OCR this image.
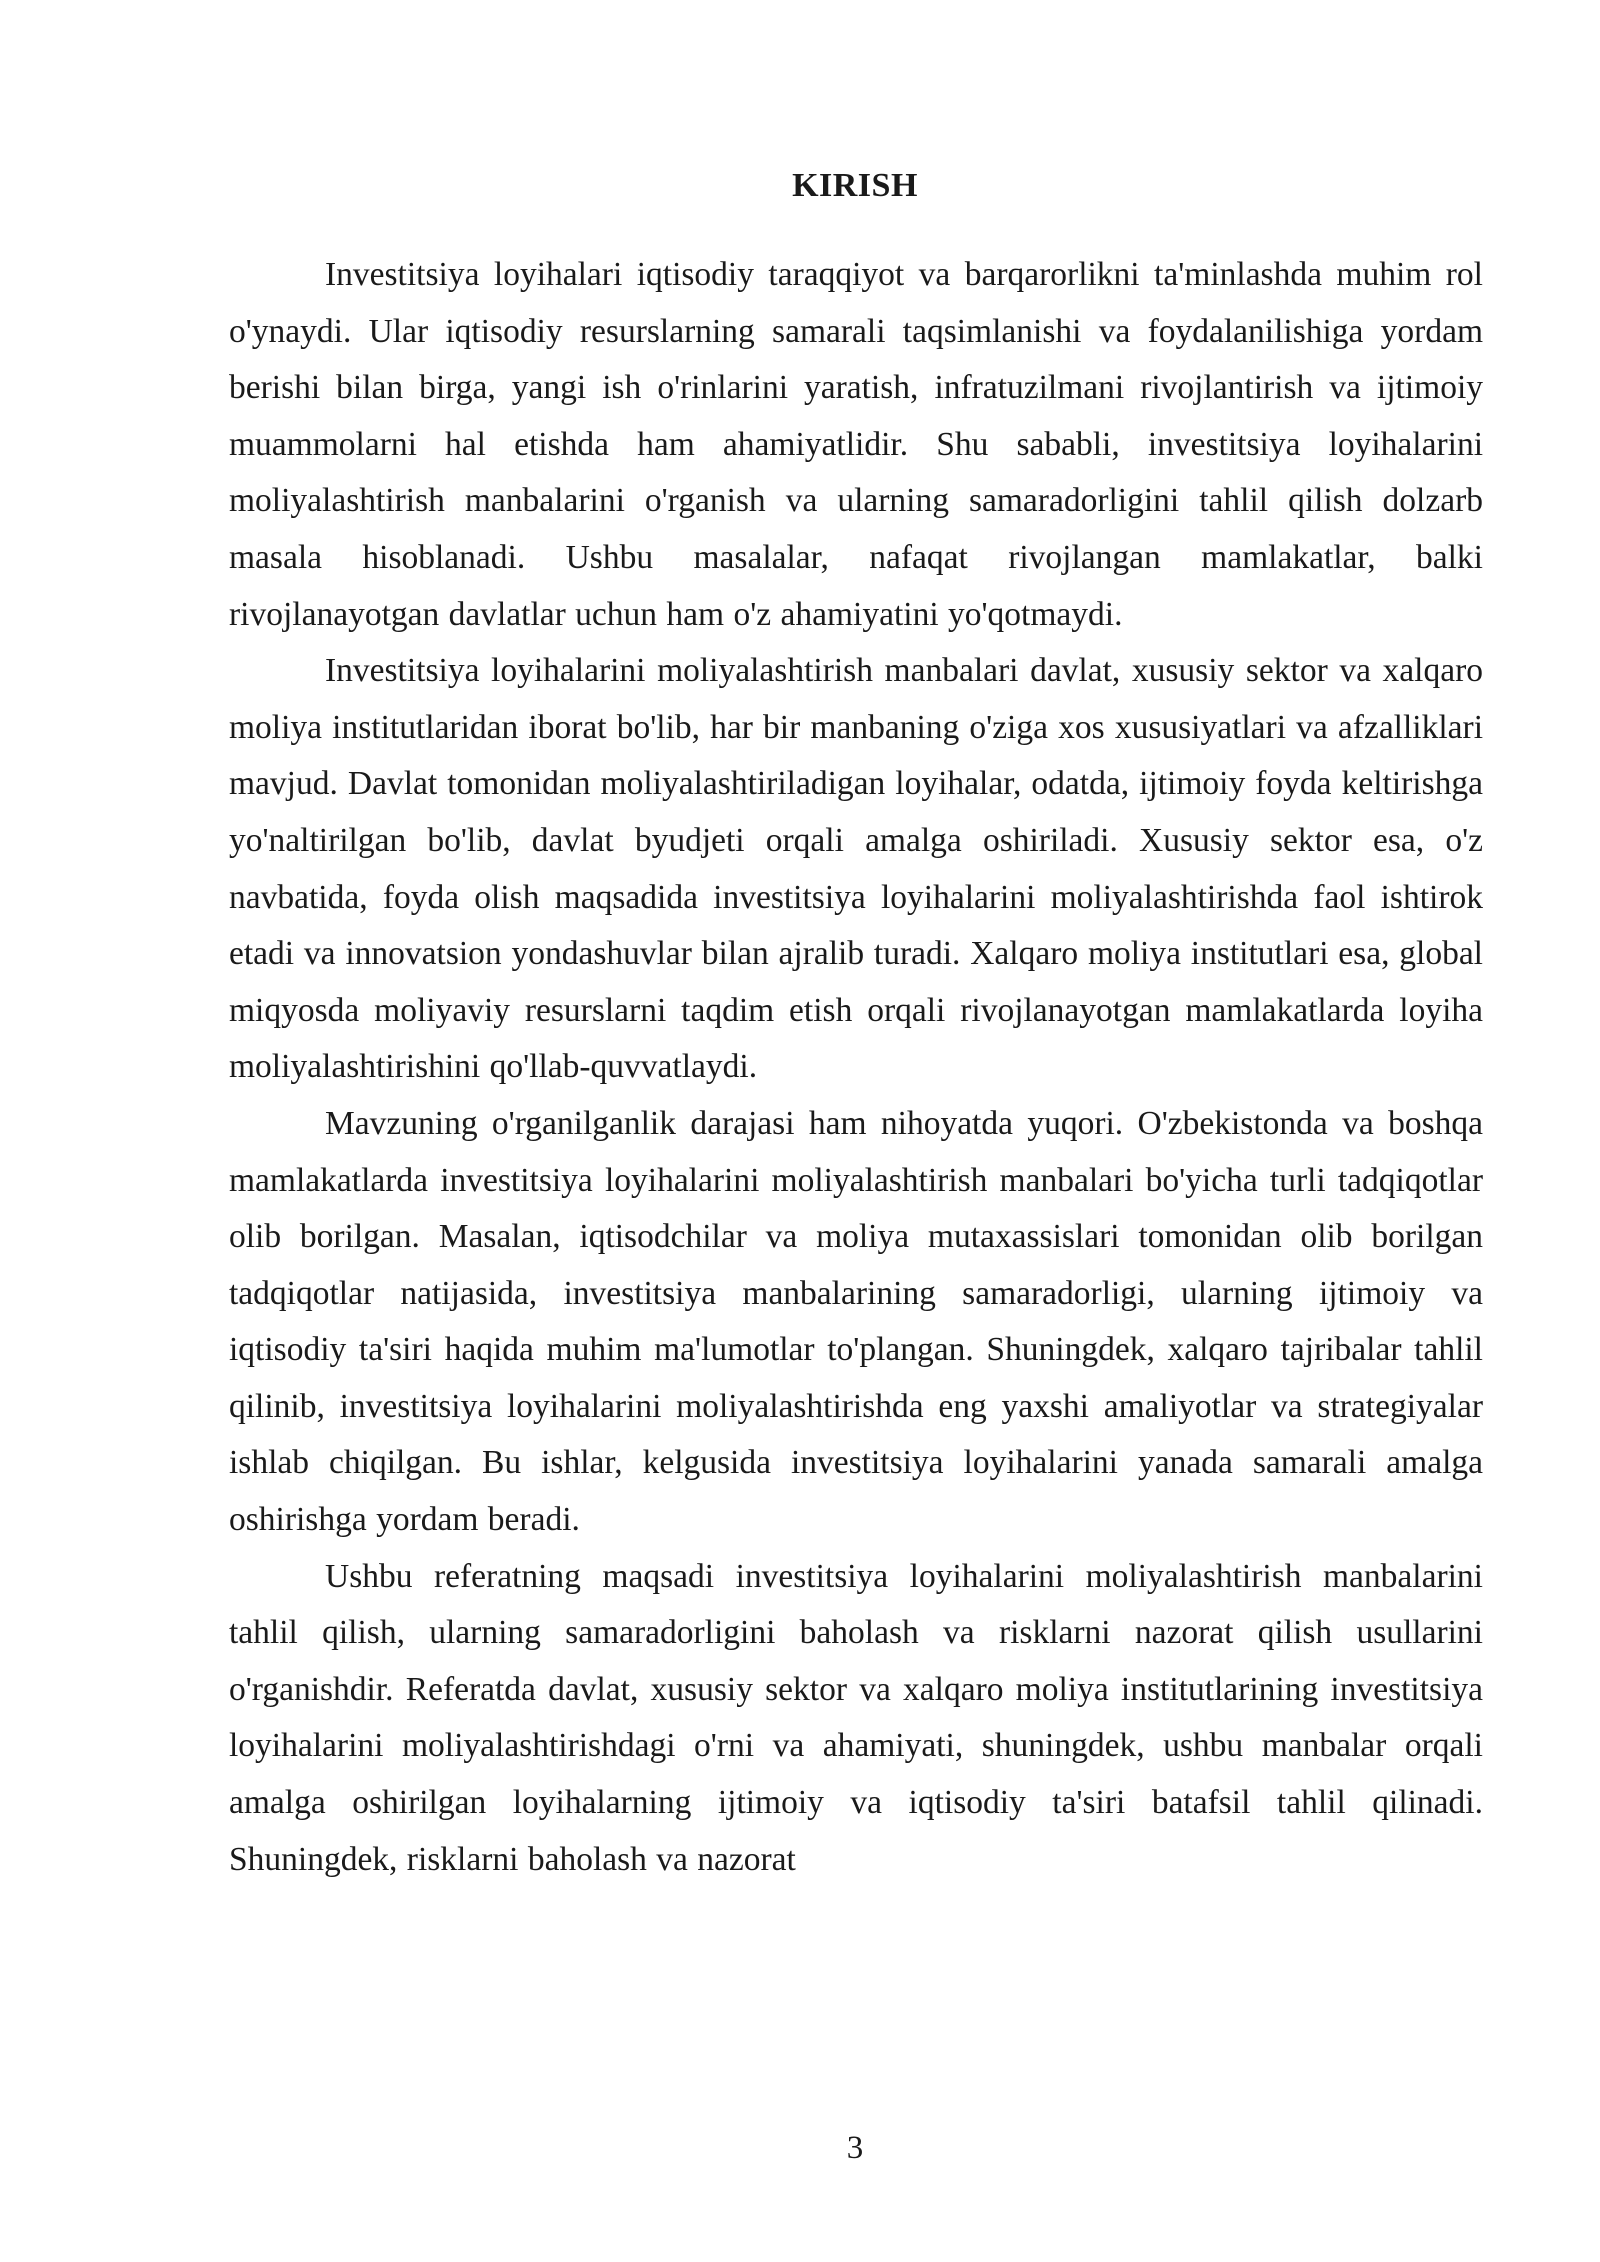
KIRISH

Investitsiya loyihalari iqtisodiy taraqqiyot va barqarorlikni ta'minlashda muhim rol o'ynaydi. Ular iqtisodiy resurslarning samarali taqsimlanishi va foydalanilishiga yordam berishi bilan birga, yangi ish o'rinlarini yaratish, infratuzilmani rivojlantirish va ijtimoiy muammolarni hal etishda ham ahamiyatlidir. Shu sababli, investitsiya loyihalarini moliyalashtirish manbalarini o'rganish va ularning samaradorligini tahlil qilish dolzarb masala hisoblanadi. Ushbu masalalar, nafaqat rivojlangan mamlakatlar, balki rivojlanayotgan davlatlar uchun ham o'z ahamiyatini yo'qotmaydi.

Investitsiya loyihalarini moliyalashtirish manbalari davlat, xususiy sektor va xalqaro moliya institutlaridan iborat bo'lib, har bir manbaning o'ziga xos xususiyatlari va afzalliklari mavjud. Davlat tomonidan moliyalashtiriladigan loyihalar, odatda, ijtimoiy foyda keltirishga yo'naltirilgan bo'lib, davlat byudjeti orqali amalga oshiriladi. Xususiy sektor esa, o'z navbatida, foyda olish maqsadida investitsiya loyihalarini moliyalashtirishda faol ishtirok etadi va innovatsion yondashuvlar bilan ajralib turadi. Xalqaro moliya institutlari esa, global miqyosda moliyaviy resurslarni taqdim etish orqali rivojlanayotgan mamlakatlarda loyiha moliyalashtirishini qo'llab-quvvatlaydi.

Mavzuning o'rganilganlik darajasi ham nihoyatda yuqori. O'zbekistonda va boshqa mamlakatlarda investitsiya loyihalarini moliyalashtirish manbalari bo'yicha turli tadqiqotlar olib borilgan. Masalan, iqtisodchilar va moliya mutaxassislari tomonidan olib borilgan tadqiqotlar natijasida, investitsiya manbalarining samaradorligi, ularning ijtimoiy va iqtisodiy ta'siri haqida muhim ma'lumotlar to'plangan. Shuningdek, xalqaro tajribalar tahlil qilinib, investitsiya loyihalarini moliyalashtirishda eng yaxshi amaliyotlar va strategiyalar ishlab chiqilgan. Bu ishlar, kelgusida investitsiya loyihalarini yanada samarali amalga oshirishga yordam beradi.

Ushbu referatning maqsadi investitsiya loyihalarini moliyalashtirish manbalarini tahlil qilish, ularning samaradorligini baholash va risklarni nazorat qilish usullarini o'rganishdir. Referatda davlat, xususiy sektor va xalqaro moliya institutlarining investitsiya loyihalarini moliyalashtirishdagi o'rni va ahamiyati, shuningdek, ushbu manbalar orqali amalga oshirilgan loyihalarning ijtimoiy va iqtisodiy ta'siri batafsil tahlil qilinadi. Shuningdek, risklarni baholash va nazorat

3
